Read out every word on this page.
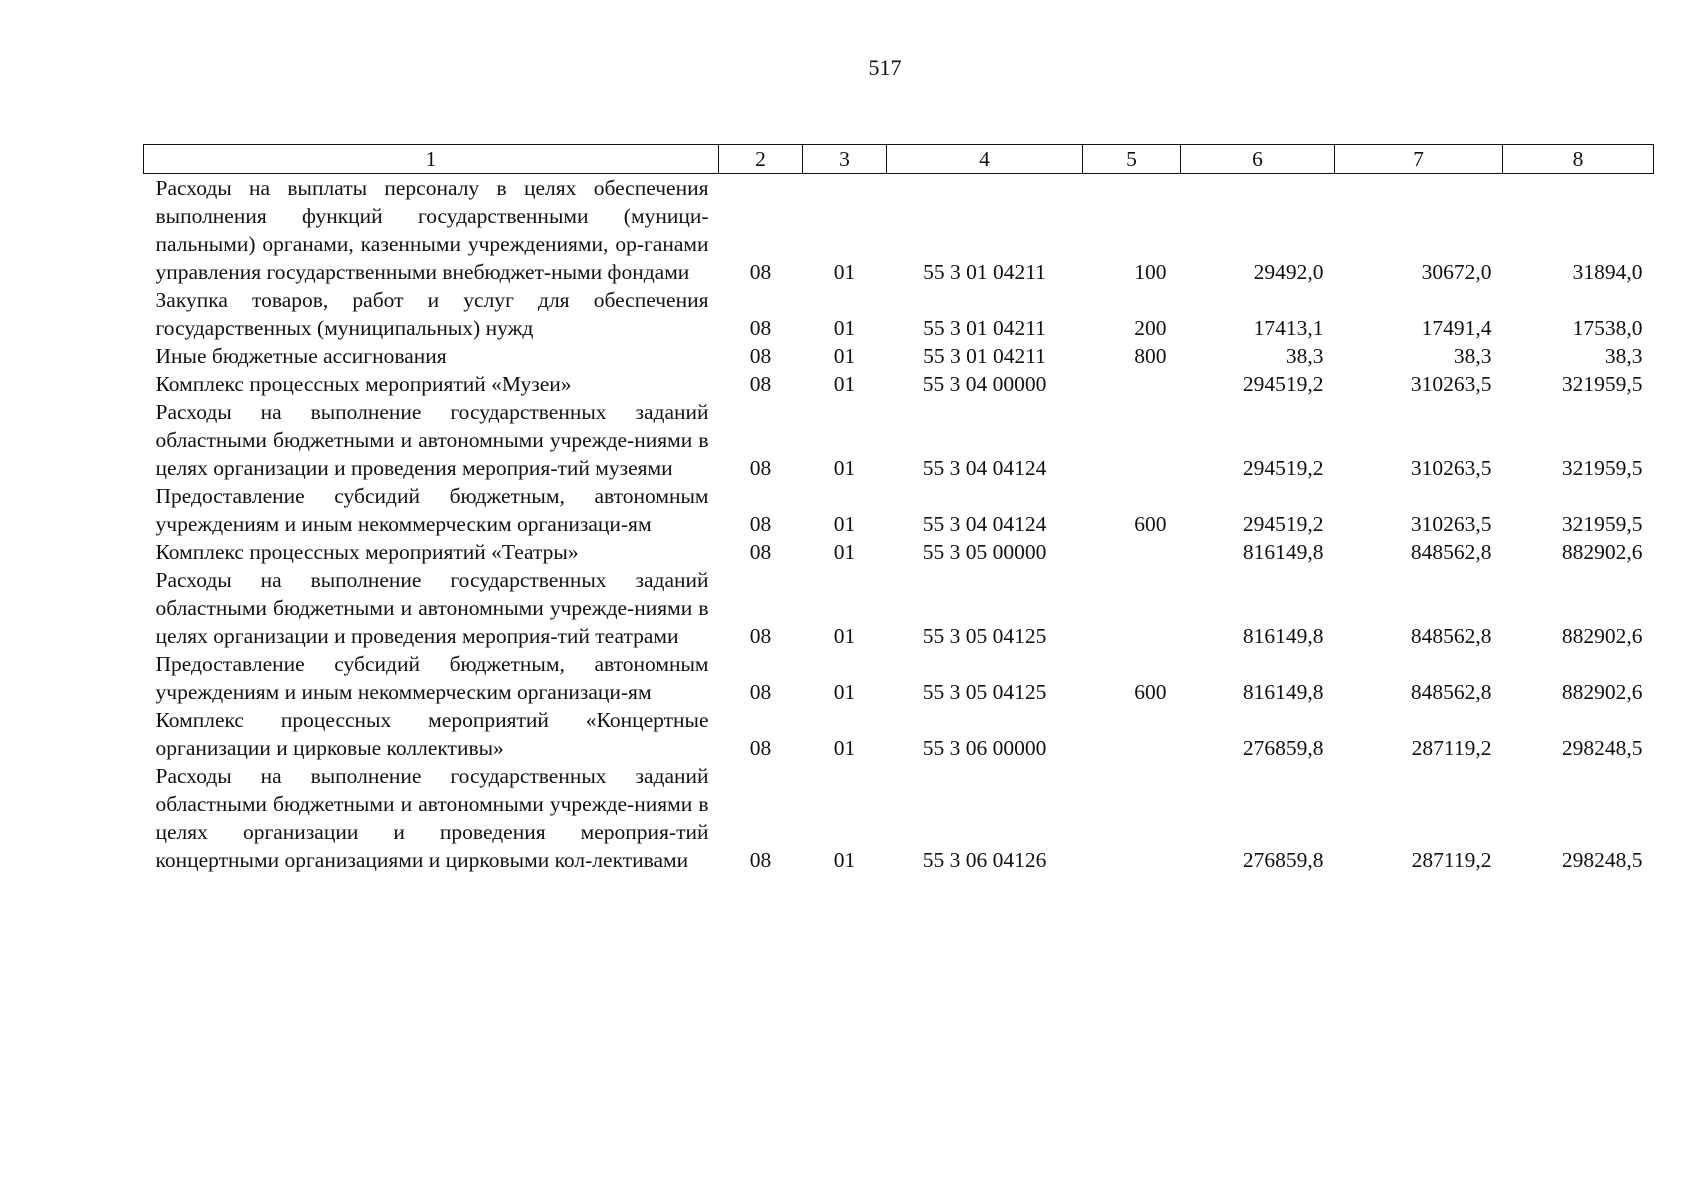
517
1	2	3	4	5	6	7	8
Расходы на выплаты персоналу в целях обеспечения выполнения функций государственными (муници-пальными) органами, казенными учреждениями, ор-ганами управления государственными внебюджет-ными фондами	08	01	55 3 01 04211	100	29492,0	30672,0	31894,0
Закупка товаров, работ и услуг для обеспечения государственных (муниципальных) нужд	08	01	55 3 01 04211	200	17413,1	17491,4	17538,0
Иные бюджетные ассигнования	08	01	55 3 01 04211	800	38,3	38,3	38,3
Комплекс процессных мероприятий «Музеи»	08	01	55 3 04 00000		294519,2	310263,5	321959,5
Расходы на выполнение государственных заданий областными бюджетными и автономными учрежде-ниями в целях организации и проведения мероприя-тий музеями	08	01	55 3 04 04124		294519,2	310263,5	321959,5
Предоставление субсидий бюджетным, автономным учреждениям и иным некоммерческим организаци-ям	08	01	55 3 04 04124	600	294519,2	310263,5	321959,5
Комплекс процессных мероприятий «Театры»	08	01	55 3 05 00000		816149,8	848562,8	882902,6
Расходы на выполнение государственных заданий областными бюджетными и автономными учрежде-ниями в целях организации и проведения мероприя-тий театрами	08	01	55 3 05 04125		816149,8	848562,8	882902,6
Предоставление субсидий бюджетным, автономным учреждениям и иным некоммерческим организаци-ям	08	01	55 3 05 04125	600	816149,8	848562,8	882902,6
Комплекс процессных мероприятий «Концертные организации и цирковые коллективы»	08	01	55 3 06 00000		276859,8	287119,2	298248,5
Расходы на выполнение государственных заданий областными бюджетными и автономными учрежде-ниями в целях организации и проведения мероприя-тий концертными организациями и цирковыми кол-лективами	08	01	55 3 06 04126		276859,8	287119,2	298248,5
